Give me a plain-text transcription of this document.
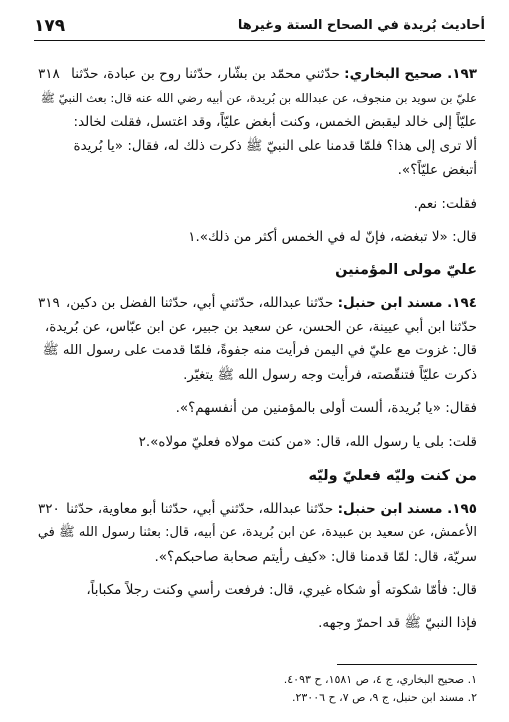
أحاديث بُريدة في الصحاح الستة وغيرها
١٧٩
١٩٣. صحيح البخاري: حدّثني محمّد بن بشّار، حدّثنا روح بن عبادة، حدّثنا
٣١٨
عليّ بن سويد بن منجوف، عن عبدالله بن بُريدة، عن أبيه رضي الله عنه قال: بعث النبيّ ﷺ
عليّاً إلى خالد ليقبض الخمس، وكنت أبغض عليّاً، وقد اغتسل، فقلت لخالد:
ألا ترى إلى هذا؟ فلمّا قدمنا على النبيّ ﷺ ذكرت ذلك له، فقال: «يا بُريدة
أتبغض عليّاً؟».
فقلت: نعم.
قال: «لا تبغضه، فإنّ له في الخمس أكثر من ذلك».١
عليّ مولى المؤمنين
١٩٤. مسند ابن حنبل: حدّثنا عبدالله، حدّثني أبي، حدّثنا الفضل بن دكين،
٣١٩
حدّثنا ابن أبي عيينة، عن الحسن، عن سعيد بن جبير، عن ابن عبّاس، عن بُريدة،
قال: غزوت مع عليّ في اليمن فرأيت منه جفوةً، فلمّا قدمت على رسول الله ﷺ
ذكرت عليّاً فتنقّصته، فرأيت وجه رسول الله ﷺ يتغيّر.
فقال: «يا بُريدة، ألست أولى بالمؤمنين من أنفسهم؟».
قلت: بلى يا رسول الله، قال: «من كنت مولاه فعليّ مولاه».٢
من كنت وليّه فعليّ وليّه
١٩٥. مسند ابن حنبل: حدّثنا عبدالله، حدّثني أبي، حدّثنا أبو معاوية، حدّثنا
٣٢٠
الأعمش، عن سعيد بن عبيدة، عن ابن بُريدة، عن أبيه، قال: بعثنا رسول الله ﷺ في
سريّة، قال: لمّا قدمنا قال: «كيف رأيتم صحابة صاحبكم؟».
قال: فأمّا شكوته أو شكاه غيري، قال: فرفعت رأسي وكنت رجلاً مكباباً،
فإذا النبيّ ﷺ قد احمرّ وجهه.
١. صحيح البخاري، ج ٤، ص ١٥٨١، ح ٤٠٩٣.
٢. مسند ابن حنبل، ج ٩، ص ٧، ح ٢٣٠٠٦.
